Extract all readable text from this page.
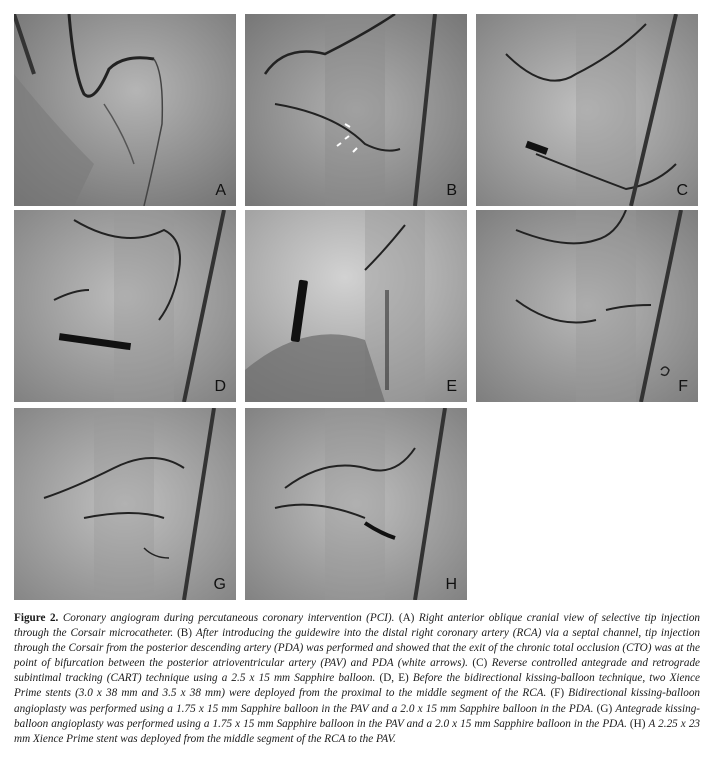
A	B	C
D	E	F
G	H
Figure 2. Coronary angiogram during percutaneous coronary intervention (PCI). (A) Right anterior oblique cranial view of selective tip injection through the Corsair microcatheter. (B) After introducing the guidewire into the distal right coronary artery (RCA) via a septal channel, tip injection through the Corsair from the posterior descending artery (PDA) was performed and showed that the exit of the chronic total occlusion (CTO) was at the point of bifurcation between the posterior atrioventricular artery (PAV) and PDA (white arrows). (C) Reverse controlled antegrade and retrograde subintimal tracking (CART) technique using a 2.5 x 15 mm Sapphire balloon. (D, E) Before the bidirectional kissing-balloon technique, two Xience Prime stents (3.0 x 38 mm and 3.5 x 38 mm) were deployed from the proximal to the middle segment of the RCA. (F) Bidirectional kissing-balloon angioplasty was performed using a 1.75 x 15 mm Sapphire balloon in the PAV and a 2.0 x 15 mm Sapphire balloon in the PDA. (G) Antegrade kissing-balloon angioplasty was performed using a 1.75 x 15 mm Sapphire balloon in the PAV and a 2.0 x 15 mm Sapphire balloon in the PDA. (H) A 2.25 x 23 mm Xience Prime stent was deployed from the middle segment of the RCA to the PAV.
